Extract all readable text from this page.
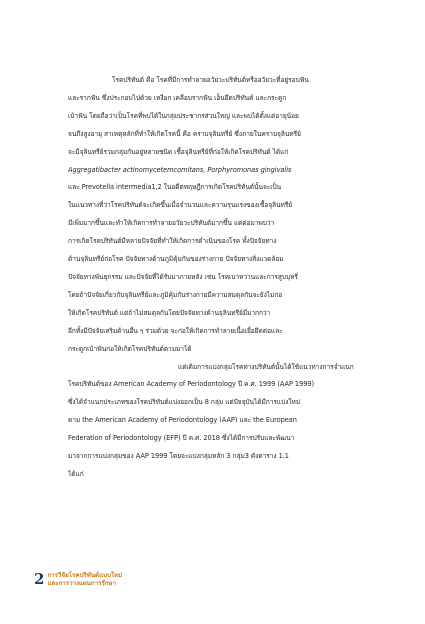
โรคปริทันต์ คือ โรคที่มีการทำลายอวัยวะปริทันต์หรืออวัยวะที่อยู่รอบฟัน
และรากฟัน ซึ่งประกอบไปด้วย เหงือก เคลือบรากฟัน เอ็นยึดปริทันต์ และกระดูก
เบ้าฟัน โดยถือว่าเป็นโรคที่พบได้ในกลุ่มประชากรส่วนใหญ่ และพบได้ตั้งแต่อายุน้อย
จนถึงสูงอายุ สาเหตุหลักที่ทำให้เกิดโรคนี้ คือ คราบจุลินทรีย์ ซึ่งภายในคราบจุลินทรีย์
จะมีจุลินทรีย์รวมกลุ่มกันอยู่หลายชนิด เชื้อจุลินทรีย์ที่ก่อให้เกิดโรคปริทันต์ ได้แก่
Aggregatibacter actinomycetemcomitans, Porphyromonas gingivalis
และ Prevotella intermedia1,2 ในอดีตทฤษฎีการเกิดโรคปริทันต์นั้นจะเป็น
ในแนวทางที่ว่าโรคปริทันต์จะเกิดขึ้นเมื่อจำนวนและความรุนแรงของเชื้อจุลินทรีย์
มีเพิ่มมากขึ้นและทำให้เกิดการทำลายอวัยวะปริทันต์มากขึ้น แต่ต่อมาพบว่า
การเกิดโรคปริทันต์มีหลายปัจจัยที่ทำให้เกิดการดำเนินของโรค ทั้งปัจจัยทาง
ด้านจุลินทรีย์ก่อโรค ปัจจัยทางด้านภูมิคุ้มกันของร่างกาย ปัจจัยทางสิ่งแวดล้อม
ปัจจัยทางพันธุกรรม และปัจจัยที่ได้รับมาภายหลัง เช่น โรคเบาหวานและการสูบบุหรี่
โดยถ้าปัจจัยเกี่ยวกับจุลินทรีย์และภูมิคุ้มกันร่างกายมีความสมดุลกันจะยังไม่ก่อ
ให้เกิดโรคปริทันต์ แต่ถ้าไม่สมดุลกันโดยปัจจัยทางด้านจุลินทรีย์มีมากกว่า
อีกทั้งมีปัจจัยเสริมด้านอื่น ๆ ร่วมด้วย จะก่อให้เกิดการทำลายเนื้อเยื่อยึดต่อและ
กระดูกเบ้าฟันก่อให้เกิดโรคปริทันต์ตามมาได้

แต่เดิมการแบ่งกลุ่มโรคทางปริทันต์นั้นได้ใช้แนวทางการจำแนก
โรคปริทันต์ของ American Academy of Periodontology ปี ค.ศ. 1999 (AAP 1999)
ซึ่งได้จำแนกประเภทของโรคปริทันต์แบ่งออกเป็น 8 กลุ่ม แต่ปัจจุบันได้มีการแบ่งใหม่
ตาม the American Academy of Periodontology (AAP) และ the European
Federation of Periodontology (EFP) ปี ค.ศ. 2018 ซึ่งได้มีการปรับและพัฒนา
มาจากการแบ่งกลุ่มของ AAP 1999 โดยจะแบ่งกลุ่มหลัก 3 กลุ่ม3 ดังตาราง 1.1
ได้แก่

2 การวิจัยโรคปริทันต์แบบใหม่
และการวางแผนการรักษา
